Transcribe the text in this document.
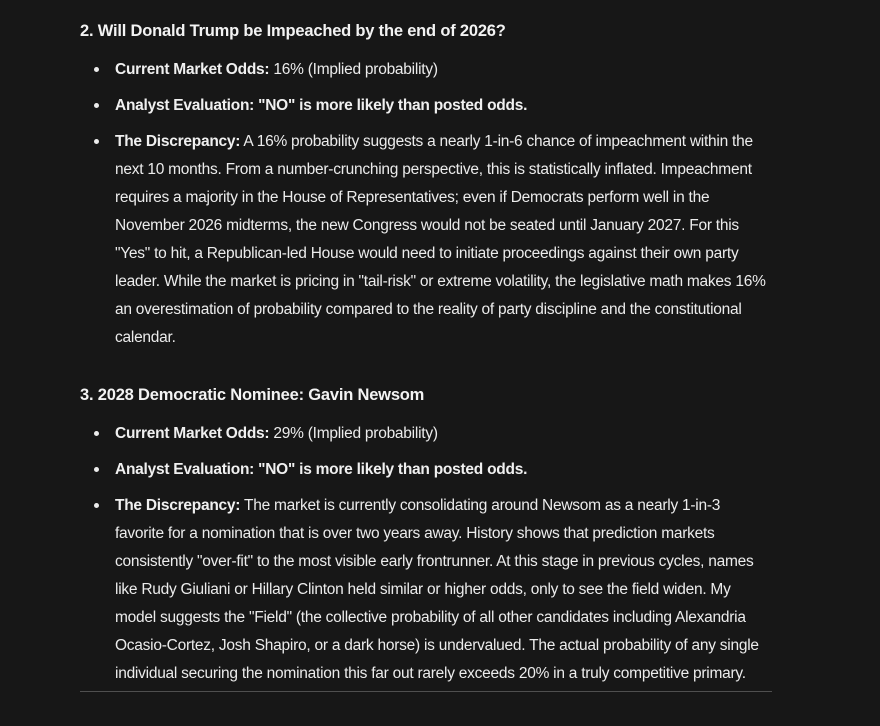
2. Will Donald Trump be Impeached by the end of 2026?
Current Market Odds: 16% (Implied probability)
Analyst Evaluation: "NO" is more likely than posted odds.
The Discrepancy: A 16% probability suggests a nearly 1-in-6 chance of impeachment within the next 10 months. From a number-crunching perspective, this is statistically inflated. Impeachment requires a majority in the House of Representatives; even if Democrats perform well in the November 2026 midterms, the new Congress would not be seated until January 2027. For this "Yes" to hit, a Republican-led House would need to initiate proceedings against their own party leader. While the market is pricing in "tail-risk" or extreme volatility, the legislative math makes 16% an overestimation of probability compared to the reality of party discipline and the constitutional calendar.
3. 2028 Democratic Nominee: Gavin Newsom
Current Market Odds: 29% (Implied probability)
Analyst Evaluation: "NO" is more likely than posted odds.
The Discrepancy: The market is currently consolidating around Newsom as a nearly 1-in-3 favorite for a nomination that is over two years away. History shows that prediction markets consistently "over-fit" to the most visible early frontrunner. At this stage in previous cycles, names like Rudy Giuliani or Hillary Clinton held similar or higher odds, only to see the field widen. My model suggests the "Field" (the collective probability of all other candidates including Alexandria Ocasio-Cortez, Josh Shapiro, or a dark horse) is undervalued. The actual probability of any single individual securing the nomination this far out rarely exceeds 20% in a truly competitive primary.
